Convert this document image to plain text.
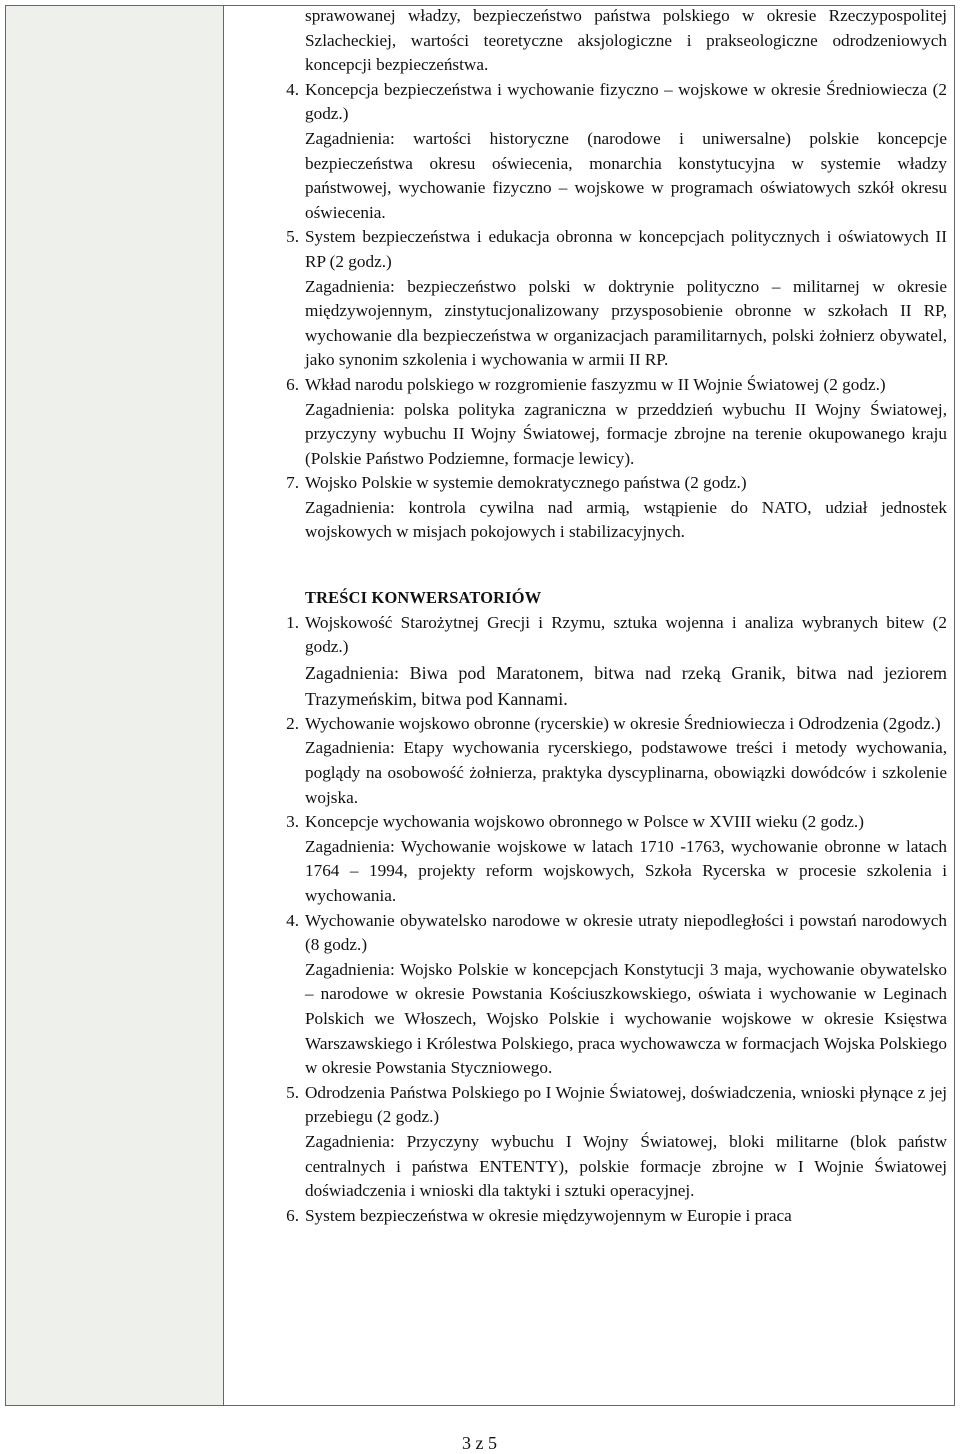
sprawowanej władzy, bezpieczeństwo państwa polskiego w okresie Rzeczypospolitej Szlacheckiej, wartości teoretyczne aksjologiczne i prakseologiczne odrodzeniowych koncepcji bezpieczeństwa.

4. Koncepcja bezpieczeństwa i wychowanie fizyczno – wojskowe w okresie Średniowiecza (2 godz.)

Zagadnienia: wartości historyczne (narodowe i uniwersalne) polskie koncepcje bezpieczeństwa okresu oświecenia, monarchia konstytucyjna w systemie władzy państwowej, wychowanie fizyczno – wojskowe w programach oświatowych szkół okresu oświecenia.

5. System bezpieczeństwa i edukacja obronna w koncepcjach politycznych i oświatowych II RP (2 godz.)

Zagadnienia: bezpieczeństwo polski w doktrynie polityczno – militarnej w okresie międzywojennym, zinstytucjonalizowany przysposobienie obronne w szkołach II RP, wychowanie dla bezpieczeństwa w organizacjach paramilitarnych, polski żołnierz obywatel, jako synonim szkolenia i wychowania w armii II RP.

6. Wkład narodu polskiego w rozgromienie faszyzmu w II Wojnie Światowej (2 godz.)

Zagadnienia: polska polityka zagraniczna w przeddzień wybuchu II Wojny Światowej, przyczyny wybuchu II Wojny Światowej, formacje zbrojne na terenie okupowanego kraju (Polskie Państwo Podziemne, formacje lewicy).

7. Wojsko Polskie w systemie demokratycznego państwa (2 godz.)

Zagadnienia: kontrola cywilna nad armią, wstąpienie do NATO, udział jednostek wojskowych w misjach pokojowych i stabilizacyjnych.

TREŚCI KONWERSATORIÓW

1. Wojskowość Starożytnej Grecji i Rzymu, sztuka wojenna i analiza wybranych bitew (2 godz.)

Zagadnienia: Biwa pod Maratonem, bitwa nad rzeką Granik, bitwa nad jeziorem Trazymeńskim, bitwa pod Kannami.

2. Wychowanie wojskowo obronne (rycerskie) w okresie Średniowiecza i Odrodzenia (2godz.)

Zagadnienia: Etapy wychowania rycerskiego, podstawowe treści i metody wychowania, poglądy na osobowość żołnierza, praktyka dyscyplinarna, obowiązki dowódców i szkolenie wojska.

3. Koncepcje wychowania wojskowo obronnego w Polsce w XVIII wieku (2 godz.)

Zagadnienia: Wychowanie wojskowe w latach 1710 -1763, wychowanie obronne w latach 1764 – 1994, projekty reform wojskowych, Szkoła Rycerska w procesie szkolenia i wychowania.

4. Wychowanie obywatelsko narodowe w okresie utraty niepodległości i powstań narodowych (8 godz.)

Zagadnienia: Wojsko Polskie w koncepcjach Konstytucji 3 maja, wychowanie obywatelsko – narodowe w okresie Powstania Kościuszkowskiego, oświata i wychowanie w Leginach Polskich we Włoszech, Wojsko Polskie i wychowanie wojskowe w okresie Księstwa Warszawskiego i Królestwa Polskiego, praca wychowawcza w formacjach Wojska Polskiego w okresie Powstania Styczniowego.

5. Odrodzenia Państwa Polskiego po I Wojnie Światowej, doświadczenia, wnioski płynące z jej przebiegu (2 godz.)

Zagadnienia: Przyczyny wybuchu I Wojny Światowej, bloki militarne (blok państw centralnych i państwa ENTENTY), polskie formacje zbrojne w I Wojnie Światowej doświadczenia i wnioski dla taktyki i sztuki operacyjnej.

6. System bezpieczeństwa w okresie międzywojennym w Europie i praca

3 z 5
